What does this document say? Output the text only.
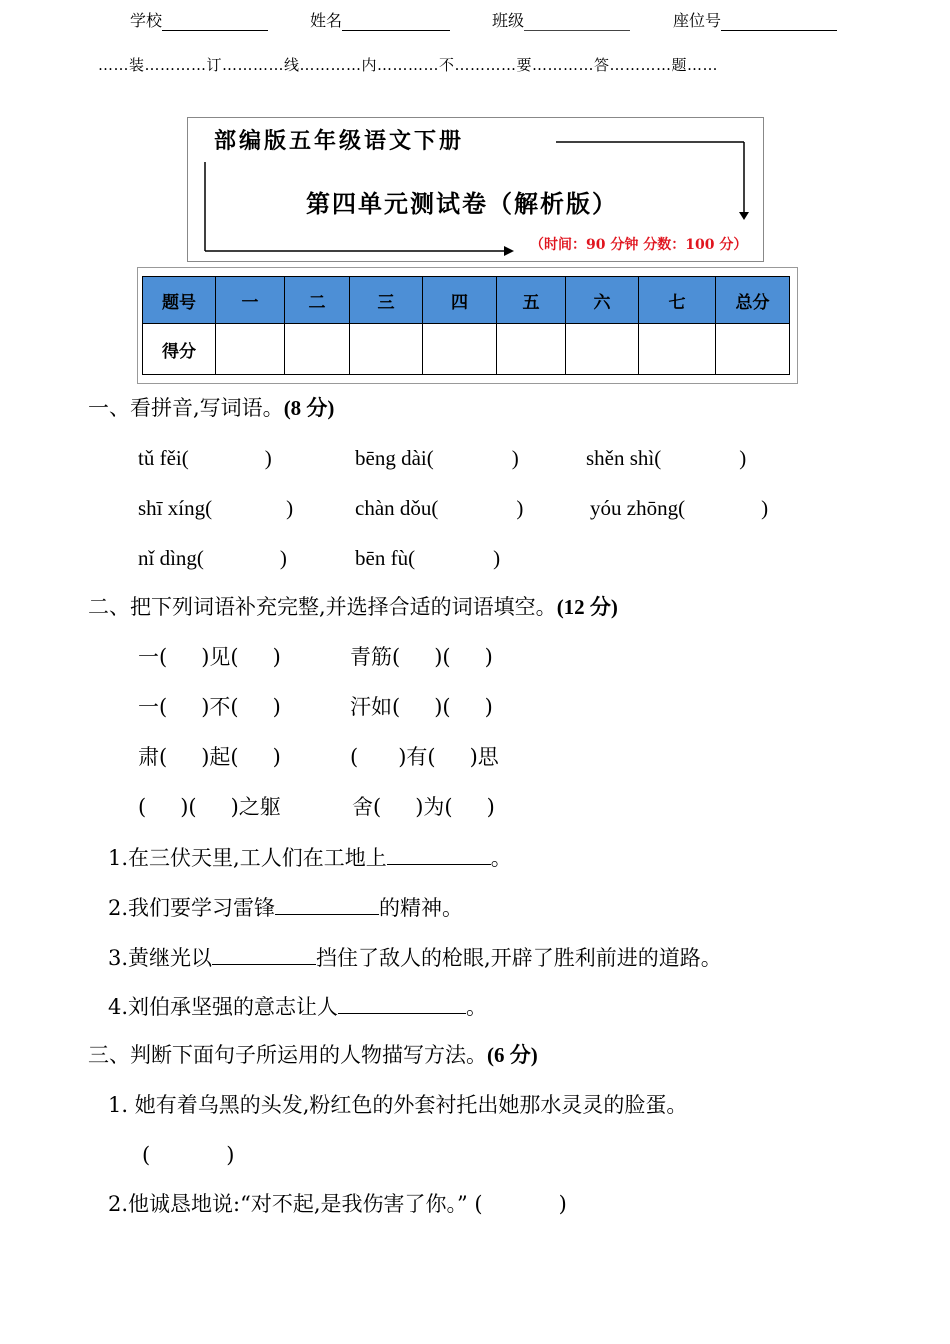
学校	姓名	班级	座位号
……装…………订…………线…………内…………不…………要…………答…………题……
部编版五年级语文下册
第四单元测试卷（解析版）
（时间：90 分钟 分数：100 分）
题号	一	二	三	四	五	六	七	总分
得分								
一、看拼音,写词语。(8 分)
tǔ fěi(	)	bēng dài(	)	shěn shì(	)
shī xíng(	)	chàn dǒu(	)	yóu zhōng(	)
nǐ dìng(	)	bēn fù(	)
二、把下列词语补充完整,并选择合适的词语填空。(12 分)
一( )见( )	青筋( )( )
一( )不( )	汗如( )( )
肃( )起( )	( )有( )思
( )( )之躯	舍( )为( )
1.在三伏天里,工人们在工地上	。
2.我们要学习雷锋	的精神。
3.黄继光以	挡住了敌人的枪眼,开辟了胜利前进的道路。
4.刘伯承坚强的意志让人	。
三、判断下面句子所运用的人物描写方法。(6 分)
1. 她有着乌黑的头发,粉红色的外套衬托出她那水灵灵的脸蛋。
(	)
2.他诚恳地说:“对不起,是我伤害了你。” (	)
